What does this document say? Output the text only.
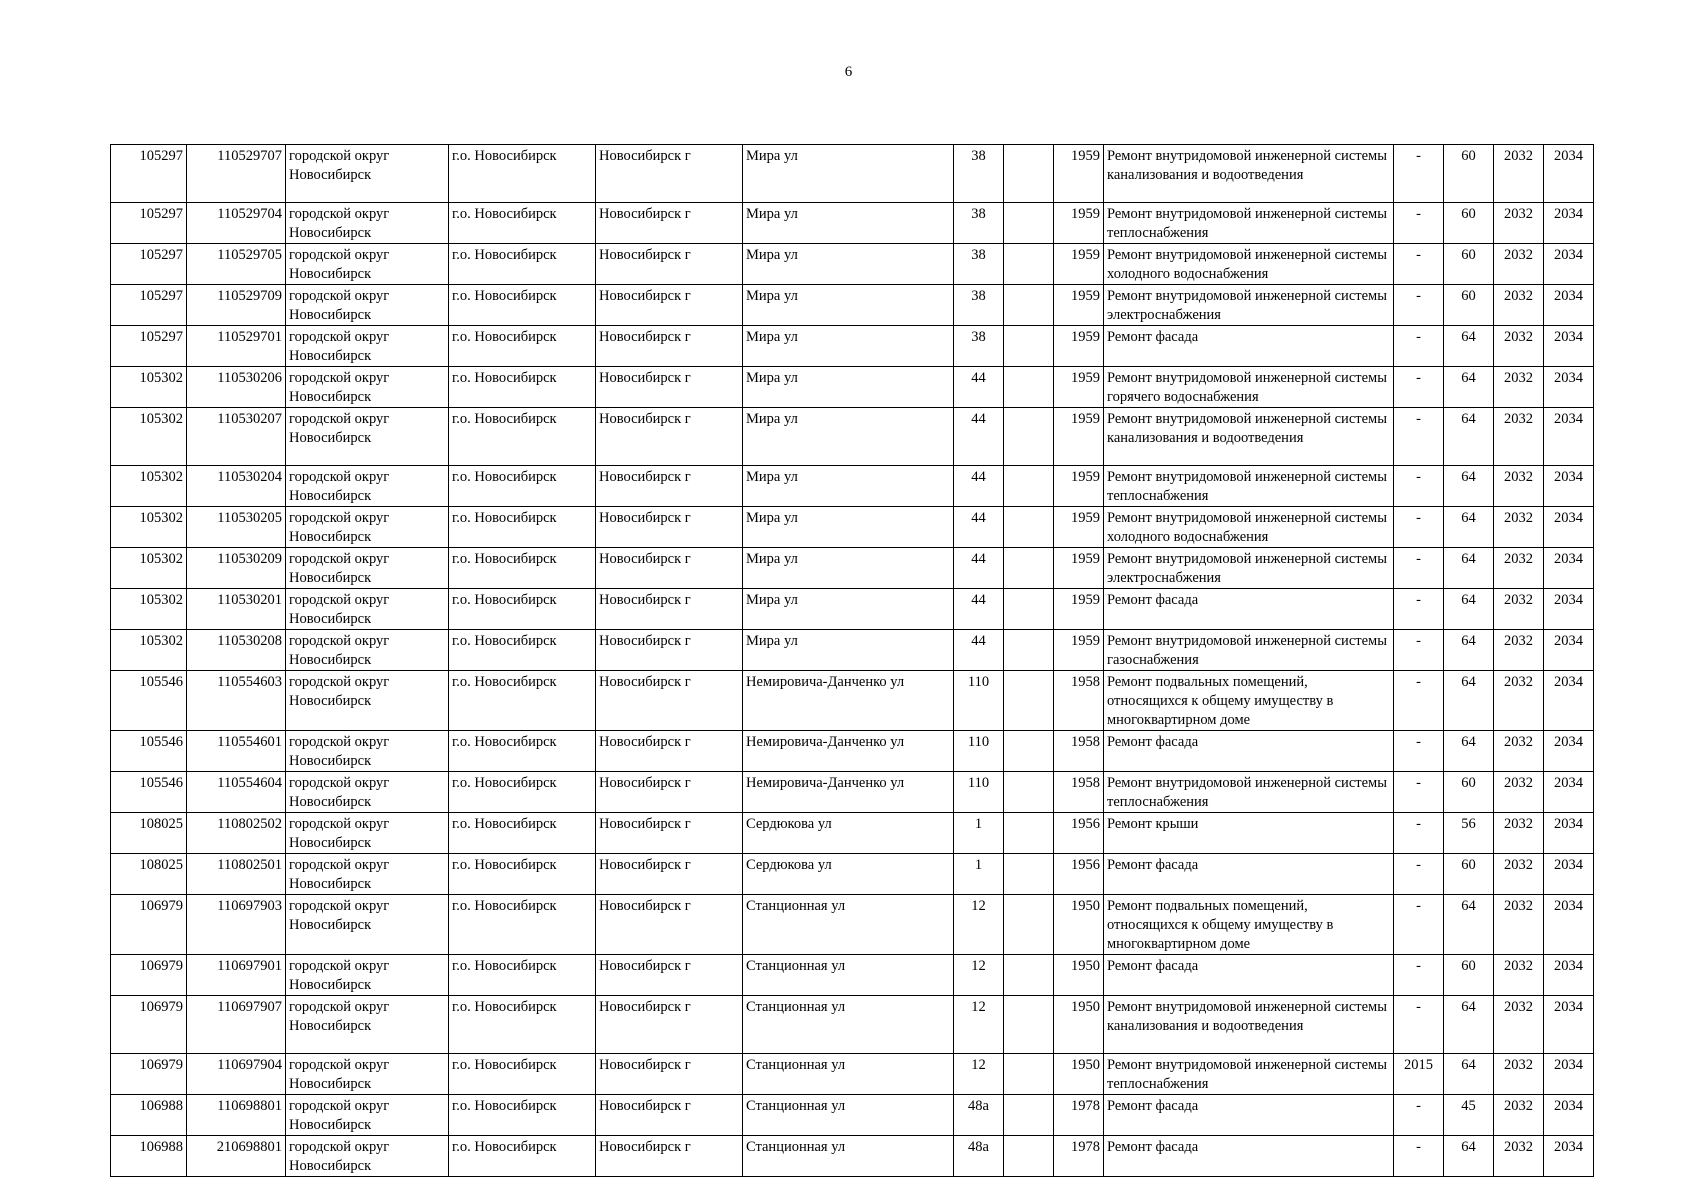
6
105297	110529707	городской округ Новосибирск	г.о. Новосибирск	Новосибирск г	Мира ул	38		1959	Ремонт внутридомовой инженерной системы канализования и водоотведения	-	60	2032	2034
105297	110529704	городской округ Новосибирск	г.о. Новосибирск	Новосибирск г	Мира ул	38		1959	Ремонт внутридомовой инженерной системы теплоснабжения	-	60	2032	2034
105297	110529705	городской округ Новосибирск	г.о. Новосибирск	Новосибирск г	Мира ул	38		1959	Ремонт внутридомовой инженерной системы холодного водоснабжения	-	60	2032	2034
105297	110529709	городской округ Новосибирск	г.о. Новосибирск	Новосибирск г	Мира ул	38		1959	Ремонт внутридомовой инженерной системы электроснабжения	-	60	2032	2034
105297	110529701	городской округ Новосибирск	г.о. Новосибирск	Новосибирск г	Мира ул	38		1959	Ремонт фасада	-	64	2032	2034
105302	110530206	городской округ Новосибирск	г.о. Новосибирск	Новосибирск г	Мира ул	44		1959	Ремонт внутридомовой инженерной системы горячего водоснабжения	-	64	2032	2034
105302	110530207	городской округ Новосибирск	г.о. Новосибирск	Новосибирск г	Мира ул	44		1959	Ремонт внутридомовой инженерной системы канализования и водоотведения	-	64	2032	2034
105302	110530204	городской округ Новосибирск	г.о. Новосибирск	Новосибирск г	Мира ул	44		1959	Ремонт внутридомовой инженерной системы теплоснабжения	-	64	2032	2034
105302	110530205	городской округ Новосибирск	г.о. Новосибирск	Новосибирск г	Мира ул	44		1959	Ремонт внутридомовой инженерной системы холодного водоснабжения	-	64	2032	2034
105302	110530209	городской округ Новосибирск	г.о. Новосибирск	Новосибирск г	Мира ул	44		1959	Ремонт внутридомовой инженерной системы электроснабжения	-	64	2032	2034
105302	110530201	городской округ Новосибирск	г.о. Новосибирск	Новосибирск г	Мира ул	44		1959	Ремонт фасада	-	64	2032	2034
105302	110530208	городской округ Новосибирск	г.о. Новосибирск	Новосибирск г	Мира ул	44		1959	Ремонт внутридомовой инженерной системы газоснабжения	-	64	2032	2034
105546	110554603	городской округ Новосибирск	г.о. Новосибирск	Новосибирск г	Немировича-Данченко ул	110		1958	Ремонт подвальных помещений, относящихся к общему имуществу в многоквартирном доме	-	64	2032	2034
105546	110554601	городской округ Новосибирск	г.о. Новосибирск	Новосибирск г	Немировича-Данченко ул	110		1958	Ремонт фасада	-	64	2032	2034
105546	110554604	городской округ Новосибирск	г.о. Новосибирск	Новосибирск г	Немировича-Данченко ул	110		1958	Ремонт внутридомовой инженерной системы теплоснабжения	-	60	2032	2034
108025	110802502	городской округ Новосибирск	г.о. Новосибирск	Новосибирск г	Сердюкова ул	1		1956	Ремонт крыши	-	56	2032	2034
108025	110802501	городской округ Новосибирск	г.о. Новосибирск	Новосибирск г	Сердюкова ул	1		1956	Ремонт фасада	-	60	2032	2034
106979	110697903	городской округ Новосибирск	г.о. Новосибирск	Новосибирск г	Станционная ул	12		1950	Ремонт подвальных помещений, относящихся к общему имуществу в многоквартирном доме	-	64	2032	2034
106979	110697901	городской округ Новосибирск	г.о. Новосибирск	Новосибирск г	Станционная ул	12		1950	Ремонт фасада	-	60	2032	2034
106979	110697907	городской округ Новосибирск	г.о. Новосибирск	Новосибирск г	Станционная ул	12		1950	Ремонт внутридомовой инженерной системы канализования и водоотведения	-	64	2032	2034
106979	110697904	городской округ Новосибирск	г.о. Новосибирск	Новосибирск г	Станционная ул	12		1950	Ремонт внутридомовой инженерной системы теплоснабжения	2015	64	2032	2034
106988	110698801	городской округ Новосибирск	г.о. Новосибирск	Новосибирск г	Станционная ул	48а		1978	Ремонт фасада	-	45	2032	2034
106988	210698801	городской округ Новосибирск	г.о. Новосибирск	Новосибирск г	Станционная ул	48а		1978	Ремонт фасада	-	64	2032	2034
